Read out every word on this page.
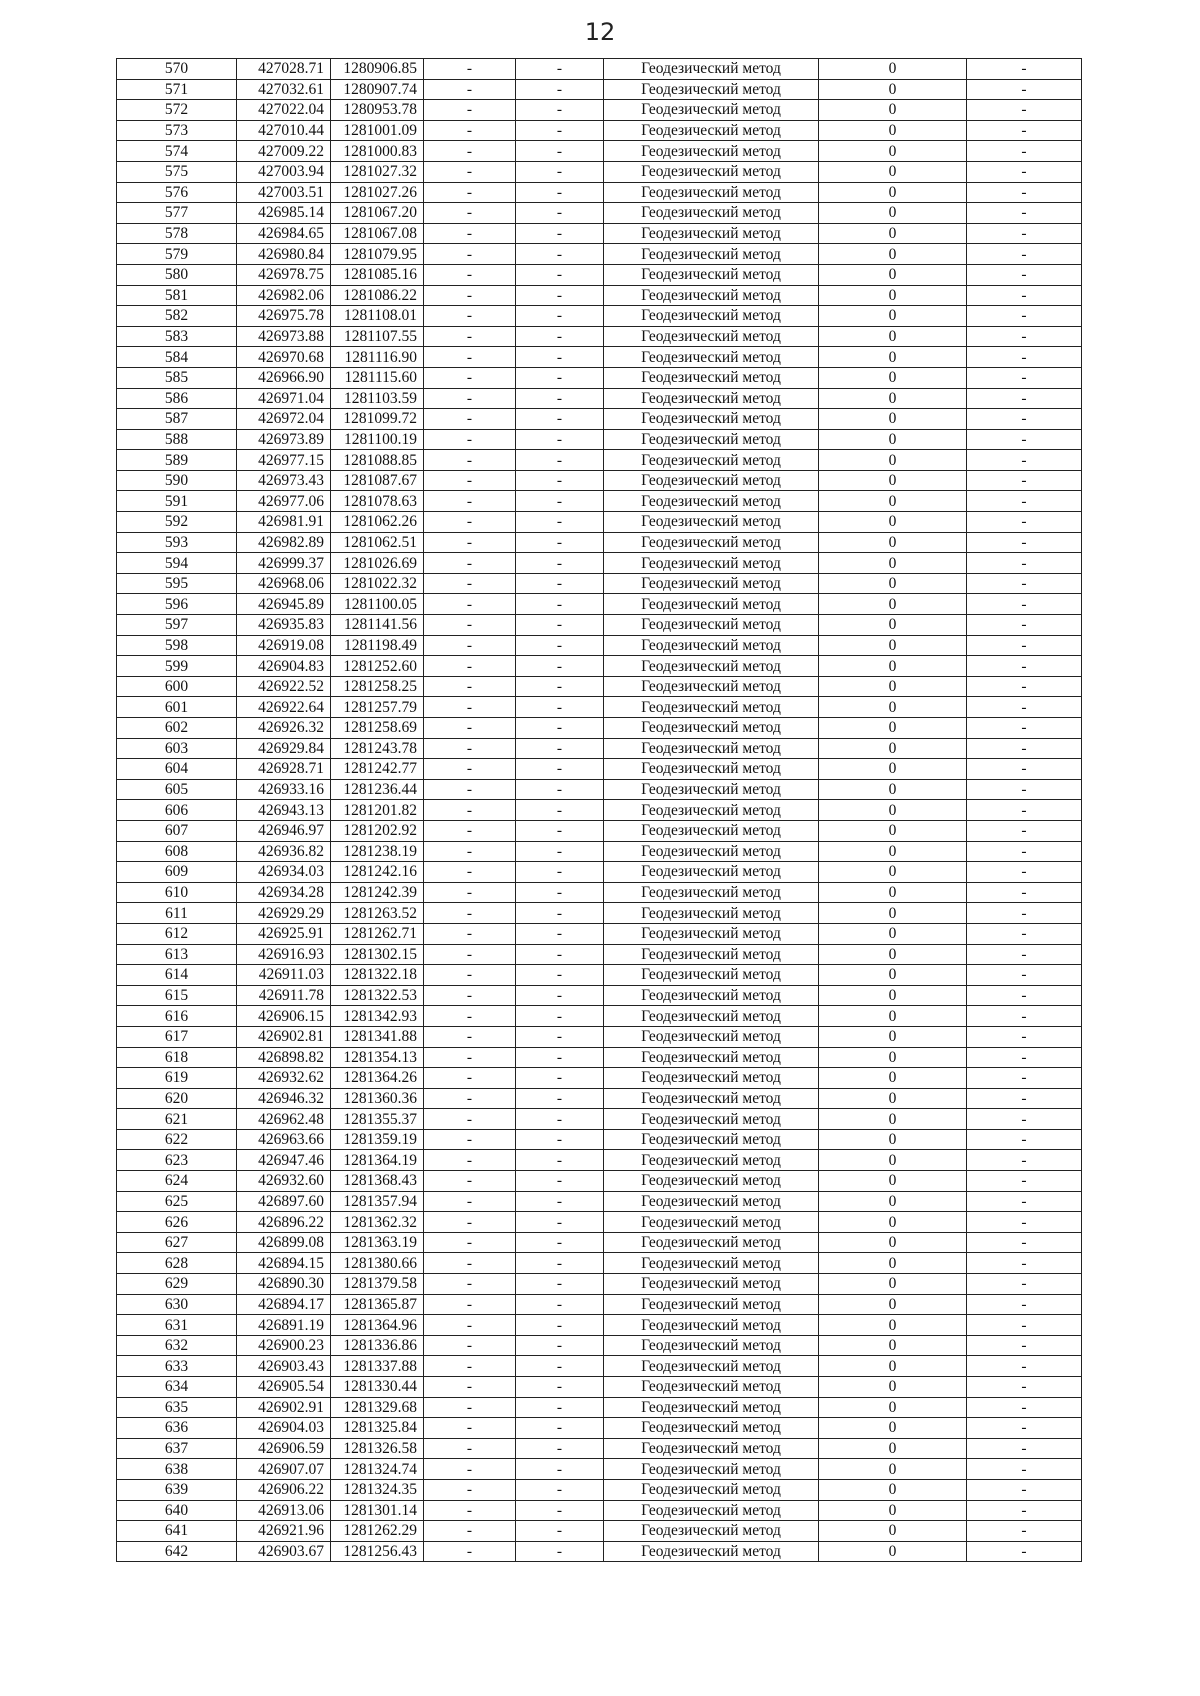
12
570	427028.71	1280906.85	-	-	Геодезический метод	0	-
571	427032.61	1280907.74	-	-	Геодезический метод	0	-
572	427022.04	1280953.78	-	-	Геодезический метод	0	-
573	427010.44	1281001.09	-	-	Геодезический метод	0	-
574	427009.22	1281000.83	-	-	Геодезический метод	0	-
575	427003.94	1281027.32	-	-	Геодезический метод	0	-
576	427003.51	1281027.26	-	-	Геодезический метод	0	-
577	426985.14	1281067.20	-	-	Геодезический метод	0	-
578	426984.65	1281067.08	-	-	Геодезический метод	0	-
579	426980.84	1281079.95	-	-	Геодезический метод	0	-
580	426978.75	1281085.16	-	-	Геодезический метод	0	-
581	426982.06	1281086.22	-	-	Геодезический метод	0	-
582	426975.78	1281108.01	-	-	Геодезический метод	0	-
583	426973.88	1281107.55	-	-	Геодезический метод	0	-
584	426970.68	1281116.90	-	-	Геодезический метод	0	-
585	426966.90	1281115.60	-	-	Геодезический метод	0	-
586	426971.04	1281103.59	-	-	Геодезический метод	0	-
587	426972.04	1281099.72	-	-	Геодезический метод	0	-
588	426973.89	1281100.19	-	-	Геодезический метод	0	-
589	426977.15	1281088.85	-	-	Геодезический метод	0	-
590	426973.43	1281087.67	-	-	Геодезический метод	0	-
591	426977.06	1281078.63	-	-	Геодезический метод	0	-
592	426981.91	1281062.26	-	-	Геодезический метод	0	-
593	426982.89	1281062.51	-	-	Геодезический метод	0	-
594	426999.37	1281026.69	-	-	Геодезический метод	0	-
595	426968.06	1281022.32	-	-	Геодезический метод	0	-
596	426945.89	1281100.05	-	-	Геодезический метод	0	-
597	426935.83	1281141.56	-	-	Геодезический метод	0	-
598	426919.08	1281198.49	-	-	Геодезический метод	0	-
599	426904.83	1281252.60	-	-	Геодезический метод	0	-
600	426922.52	1281258.25	-	-	Геодезический метод	0	-
601	426922.64	1281257.79	-	-	Геодезический метод	0	-
602	426926.32	1281258.69	-	-	Геодезический метод	0	-
603	426929.84	1281243.78	-	-	Геодезический метод	0	-
604	426928.71	1281242.77	-	-	Геодезический метод	0	-
605	426933.16	1281236.44	-	-	Геодезический метод	0	-
606	426943.13	1281201.82	-	-	Геодезический метод	0	-
607	426946.97	1281202.92	-	-	Геодезический метод	0	-
608	426936.82	1281238.19	-	-	Геодезический метод	0	-
609	426934.03	1281242.16	-	-	Геодезический метод	0	-
610	426934.28	1281242.39	-	-	Геодезический метод	0	-
611	426929.29	1281263.52	-	-	Геодезический метод	0	-
612	426925.91	1281262.71	-	-	Геодезический метод	0	-
613	426916.93	1281302.15	-	-	Геодезический метод	0	-
614	426911.03	1281322.18	-	-	Геодезический метод	0	-
615	426911.78	1281322.53	-	-	Геодезический метод	0	-
616	426906.15	1281342.93	-	-	Геодезический метод	0	-
617	426902.81	1281341.88	-	-	Геодезический метод	0	-
618	426898.82	1281354.13	-	-	Геодезический метод	0	-
619	426932.62	1281364.26	-	-	Геодезический метод	0	-
620	426946.32	1281360.36	-	-	Геодезический метод	0	-
621	426962.48	1281355.37	-	-	Геодезический метод	0	-
622	426963.66	1281359.19	-	-	Геодезический метод	0	-
623	426947.46	1281364.19	-	-	Геодезический метод	0	-
624	426932.60	1281368.43	-	-	Геодезический метод	0	-
625	426897.60	1281357.94	-	-	Геодезический метод	0	-
626	426896.22	1281362.32	-	-	Геодезический метод	0	-
627	426899.08	1281363.19	-	-	Геодезический метод	0	-
628	426894.15	1281380.66	-	-	Геодезический метод	0	-
629	426890.30	1281379.58	-	-	Геодезический метод	0	-
630	426894.17	1281365.87	-	-	Геодезический метод	0	-
631	426891.19	1281364.96	-	-	Геодезический метод	0	-
632	426900.23	1281336.86	-	-	Геодезический метод	0	-
633	426903.43	1281337.88	-	-	Геодезический метод	0	-
634	426905.54	1281330.44	-	-	Геодезический метод	0	-
635	426902.91	1281329.68	-	-	Геодезический метод	0	-
636	426904.03	1281325.84	-	-	Геодезический метод	0	-
637	426906.59	1281326.58	-	-	Геодезический метод	0	-
638	426907.07	1281324.74	-	-	Геодезический метод	0	-
639	426906.22	1281324.35	-	-	Геодезический метод	0	-
640	426913.06	1281301.14	-	-	Геодезический метод	0	-
641	426921.96	1281262.29	-	-	Геодезический метод	0	-
642	426903.67	1281256.43	-	-	Геодезический метод	0	-
